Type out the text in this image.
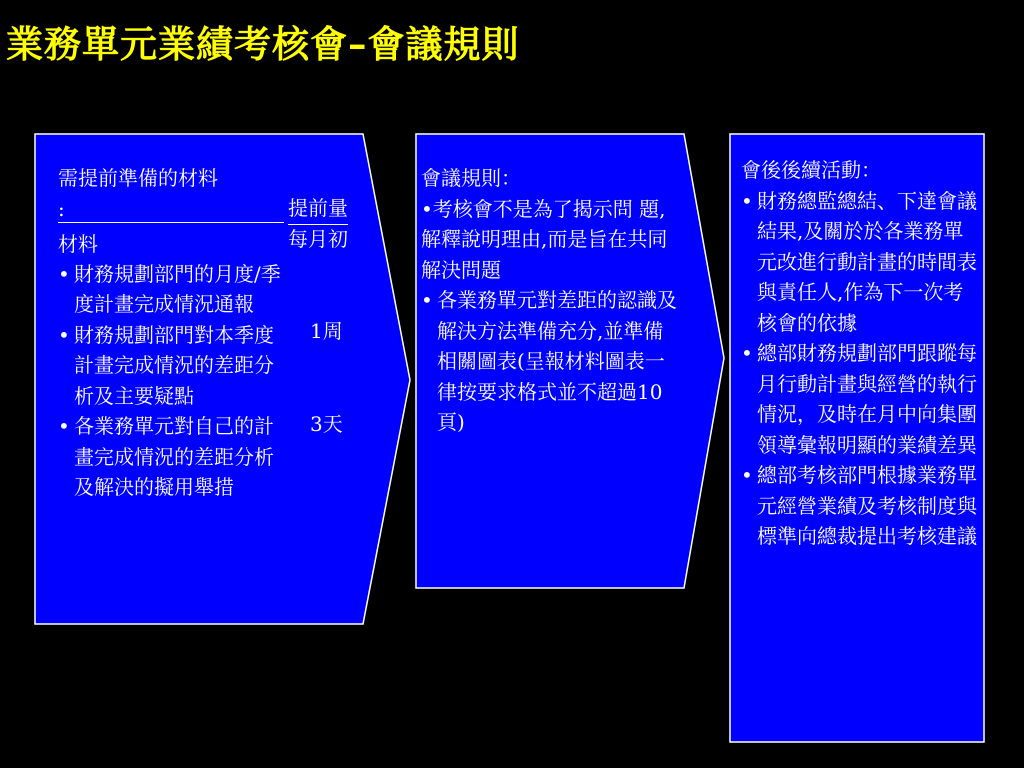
業務單元業績考核會–會議規則
需提前準備的材料
:
• 財務規劃部門的月度/季度計畫完成情況通報
• 財務規劃部門對本季度計畫完成情況的差距分析及主要疑點
• 各業務單元對自己的計畫完成情況的差距分析及解決的擬用舉措
材料
提前量
每月初
1周
3天
會議規則：
•考核會不是為了揭示問 題,解釋說明理由,而是旨在共同解決問題
• 各業務單元對差距的認識及解決方法準備充分,並準備相關圖表(呈報材料圖表一律按要求格式並不超過10頁)
會後後續活動：
• 財務總監總結、下達會議結果,及關於於各業務單元改進行動計畫的時間表與責任人,作為下一次考核會的依據
• 總部財務規劃部門跟蹤每月行動計畫與經營的執行情況，及時在月中向集團領導彙報明顯的業績差異
• 總部考核部門根據業務單元經營業績及考核制度與標準向總裁提出考核建議
